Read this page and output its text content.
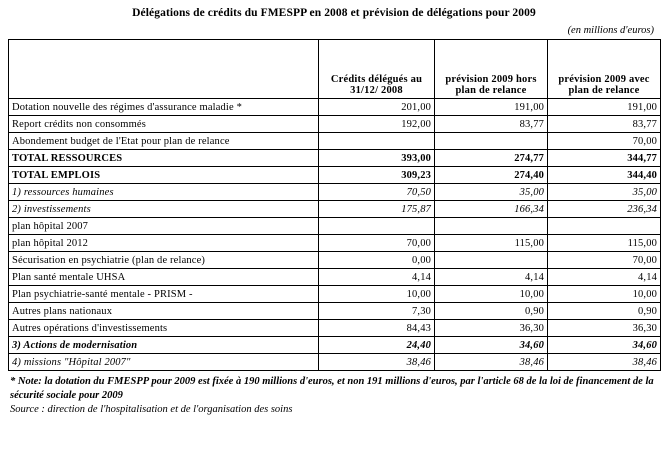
Délégations de crédits du FMESPP en 2008 et prévision de délégations pour 2009
(en millions d'euros)
	Crédits délégués au 31/12/ 2008	prévision 2009 hors plan de relance	prévision 2009 avec plan de relance
Dotation nouvelle des régimes d'assurance maladie *	201,00	191,00	191,00
Report crédits non consommés	192,00	83,77	83,77
Abondement budget de l'Etat pour plan de relance			70,00
TOTAL RESSOURCES	393,00	274,77	344,77
TOTAL EMPLOIS	309,23	274,40	344,40
1) ressources humaines	70,50	35,00	35,00
2) investissements	175,87	166,34	236,34
plan hôpital 2007			
plan hôpital 2012	70,00	115,00	115,00
Sécurisation en psychiatrie (plan de relance)	0,00		70,00
Plan santé mentale UHSA	4,14	4,14	4,14
Plan psychiatrie-santé mentale - PRISM -	10,00	10,00	10,00
Autres plans nationaux	7,30	0,90	0,90
Autres opérations d'investissements	84,43	36,30	36,30
3) Actions de modernisation	24,40	34,60	34,60
4) missions "Hôpital 2007"	38,46	38,46	38,46
* Note: la dotation du FMESPP pour 2009 est fixée à 190 millions d'euros, et non 191 millions d'euros, par l'article 68 de la loi de financement de la sécurité sociale pour 2009
Source : direction de l'hospitalisation et de l'organisation des soins
